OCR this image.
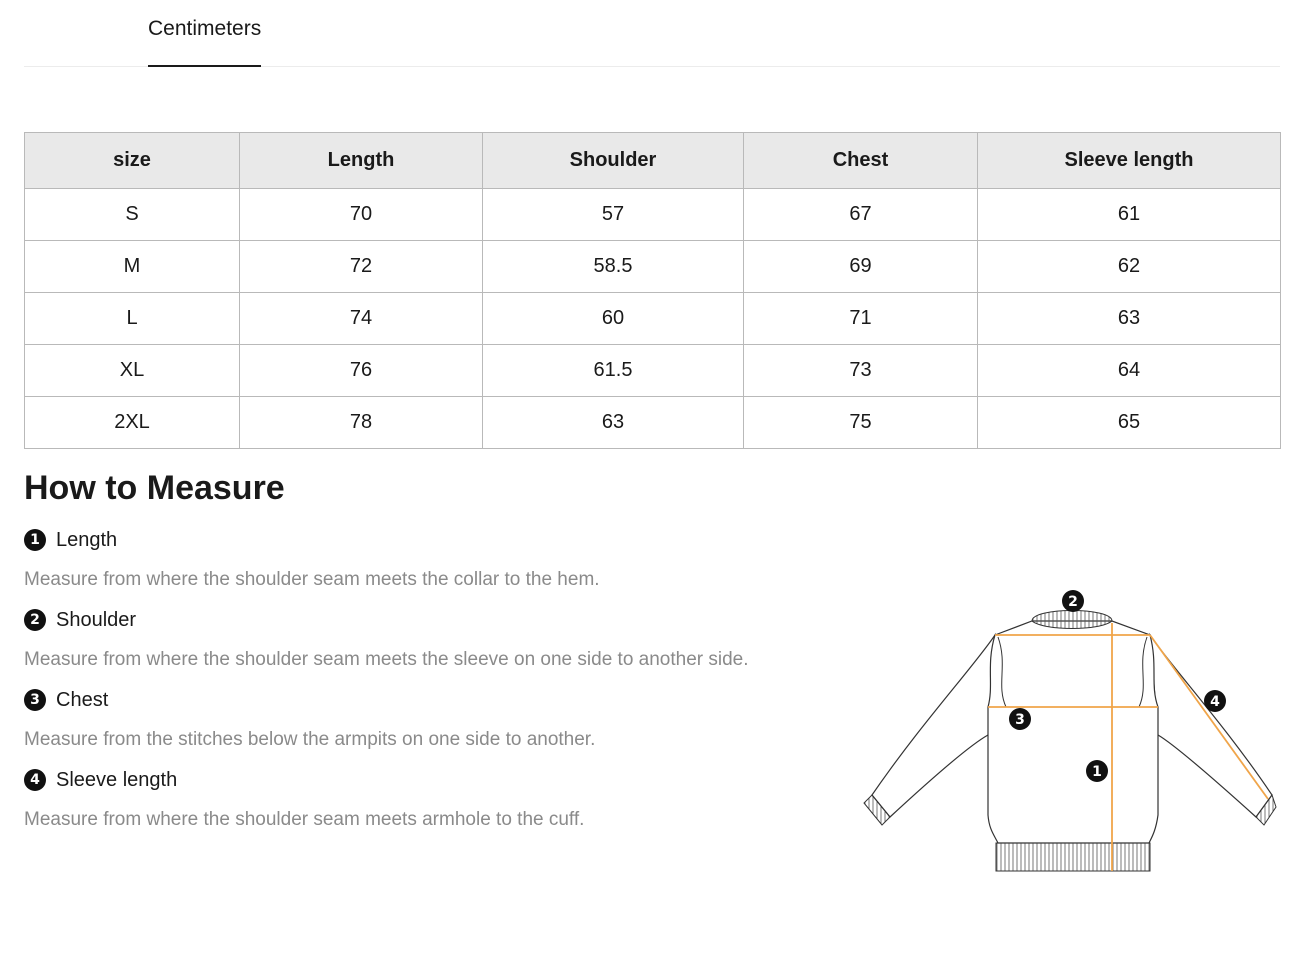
Centimeters
size	Length	Shoulder	Chest	Sleeve length
S	70	57	67	61
M	72	58.5	69	62
L	74	60	71	63
XL	76	61.5	73	64
2XL	78	63	75	65
How to Measure
1 Length

Measure from where the shoulder seam meets the collar to the hem.

2 Shoulder

Measure from where the shoulder seam meets the sleeve on one side to another side.

3 Chest

Measure from the stitches below the armpits on one side to another.

4 Sleeve length

Measure from where the shoulder seam meets armhole to the cuff.

2
3
1
4
